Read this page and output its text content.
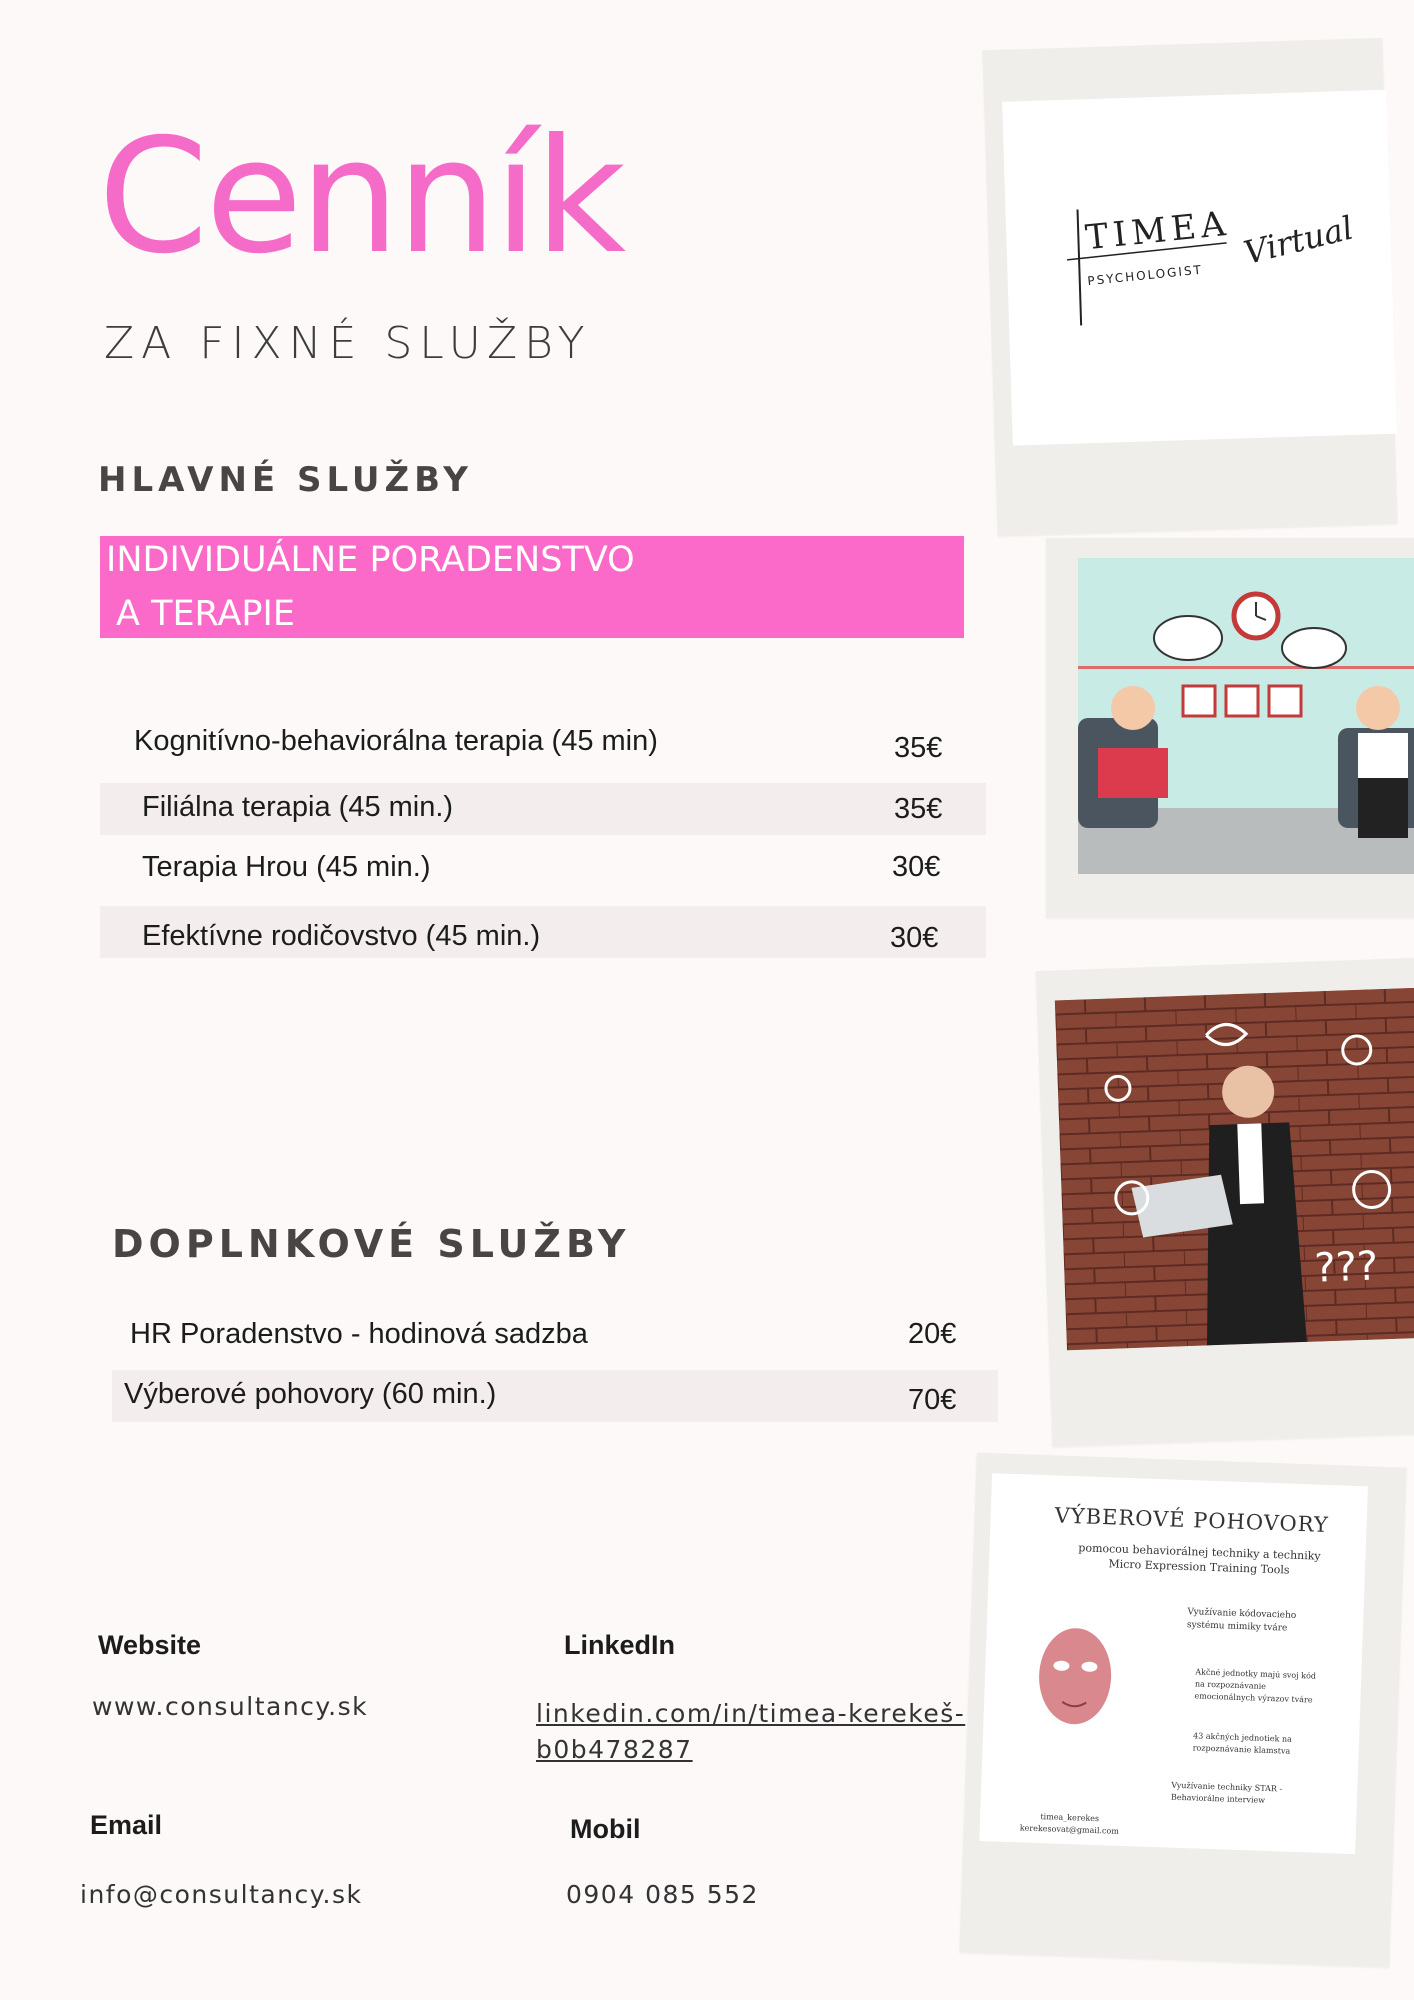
Cenník
ZA FIXNÉ SLUŽBY
HLAVNÉ SLUŽBY
INDIVIDUÁLNE PORADENSTVO
A TERAPIE
Kognitívno-behaviorálna terapia (45 min)	35€
Filiálna terapia (45 min.)	35€
Terapia Hrou (45 min.)	30€
Efektívne rodičovstvo (45 min.)	30€
DOPLNKOVÉ SLUŽBY
HR Poradenstvo - hodinová sadzba	20€
Výberové pohovory (60 min.)	70€
Website
www.consultancy.sk
LinkedIn
linkedin.com/in/timea-kerekeš-
b0b478287
Email
info@consultancy.sk
Mobil
0904 085 552
TIMEA
PSYCHOLOGIST
Virtual
???
VÝBEROVÉ POHOVORY
pomocou behaviorálnej techniky a techniky
Micro Expression Training Tools
Využívanie kódovacieho
systému mimiky tváre
Akčné jednotky majú svoj kód
na rozpoznávanie
emocionálnych výrazov tváre
43 akčných jednotiek na
rozpoznávanie klamstva
Využívanie techniky STAR -
Behaviorálne interview
timea_kerekes
kerekesovat@gmail.com
